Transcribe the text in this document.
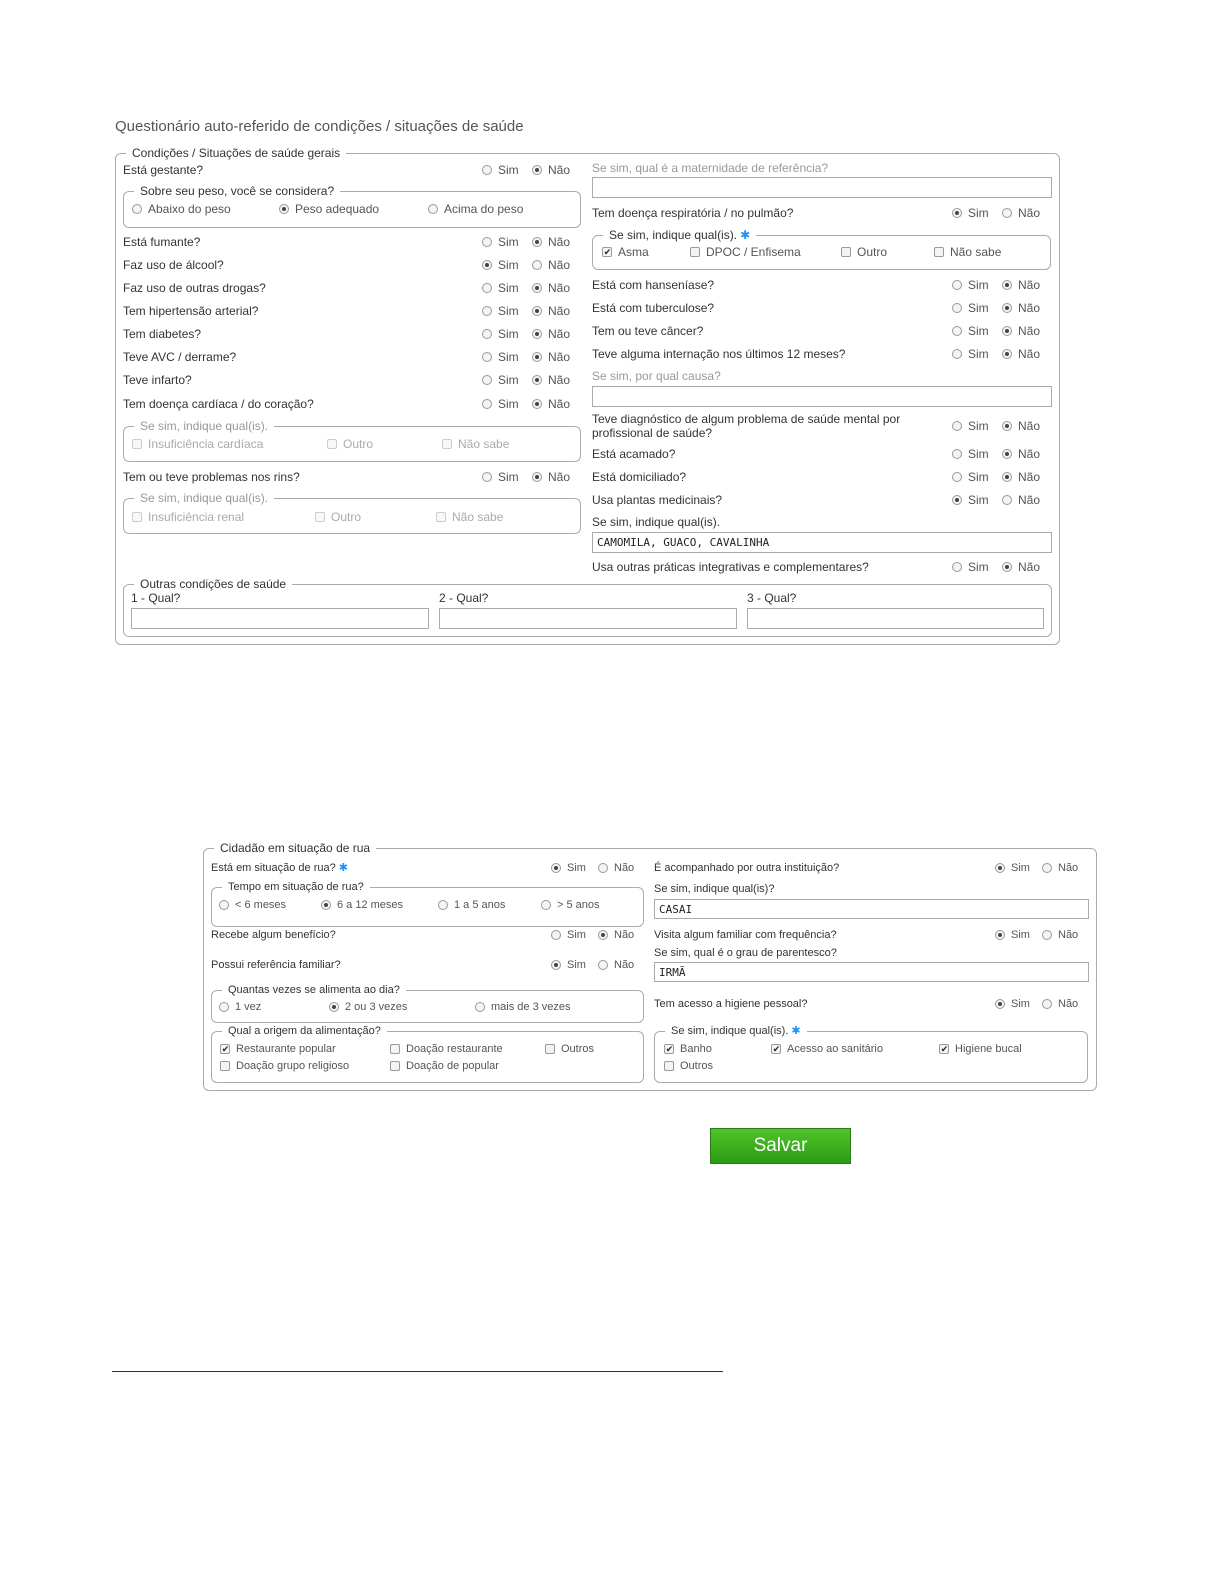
Questionário auto-referido de condições / situações de saúde
Condições / Situações de saúde gerais
Está gestante?	Sim Não
Sobre seu peso, você se considera?
Abaixo do peso	Peso adequado	Acima do peso
Está fumante?	Sim Não
Faz uso de álcool?	Sim Não
Faz uso de outras drogas?	Sim Não
Tem hipertensão arterial?	Sim Não
Tem diabetes?	Sim Não
Teve AVC / derrame?	Sim Não
Teve infarto?	Sim Não
Tem doença cardíaca / do coração?	Sim Não
Se sim, indique qual(is).
Insuficiência cardíaca	Outro	Não sabe
Tem ou teve problemas nos rins?	Sim Não
Se sim, indique qual(is).
Insuficiência renal	Outro	Não sabe
Se sim, qual é a maternidade de referência?
Tem doença respiratória / no pulmão?	Sim Não
Se sim, indique qual(is). ✱
✔
Asma	DPOC / Enfisema	Outro	Não sabe
Está com hanseníase?	Sim Não
Está com tuberculose?	Sim Não
Tem ou teve câncer?	Sim Não
Teve alguma internação nos últimos 12 meses?	Sim Não
Se sim, por qual causa?
Teve diagnóstico de algum problema de saúde mental por profissional de saúde?	Sim Não
Está acamado?	Sim Não
Está domiciliado?	Sim Não
Usa plantas medicinais?	Sim Não
Se sim, indique qual(is).
CAMOMILA, GUACO, CAVALINHA
Usa outras práticas integrativas e complementares?	Sim Não
Outras condições de saúde
1 - Qual?	2 - Qual?	3 - Qual?
Cidadão em situação de rua
Está em situação de rua? ✱	Sim	Não
Tempo em situação de rua?
< 6 meses	6 a 12 meses	1 a 5 anos	> 5 anos
Recebe algum benefício?	Sim	Não
Possui referência familiar?	Sim	Não
Quantas vezes se alimenta ao dia?
1 vez	2 ou 3 vezes	mais de 3 vezes
Qual a origem da alimentação?
✔
Restaurante popular	Doação restaurante	Outros
Doação grupo religioso	Doação de popular
É acompanhado por outra instituição?	Sim	Não
Se sim, indique qual(is)?
CASAI
Visita algum familiar com frequência?	Sim	Não
Se sim, qual é o grau de parentesco?
IRMÃ
Tem acesso a higiene pessoal?	Sim	Não
Se sim, indique qual(is). ✱
✔
Banho ✔	Acesso ao sanitário ✔	Higiene bucal
Outros
Salvar
